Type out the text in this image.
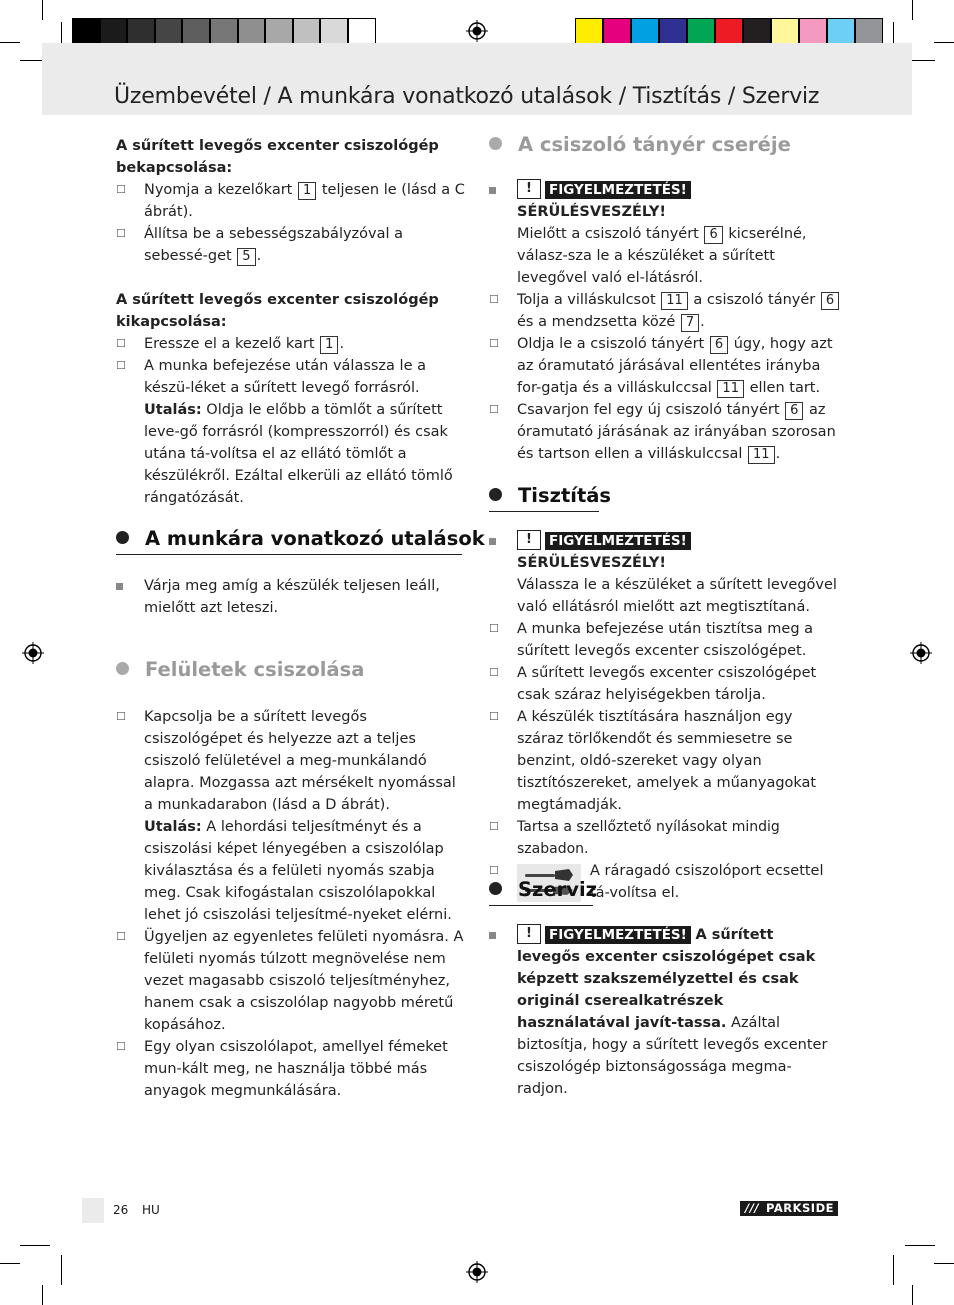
Üzembevétel / A munkára vonatkozó utalások / Tisztítás / Szerviz

A sűrített levegős excenter csiszológép bekapcsolása:

☐ Nyomja a kezelőkart 1 teljesen le (lásd a C ábrát).
☐ Állítsa be a sebességszabályzóval a sebessé-get 5 .

A sűrített levegős excenter csiszológép kikapcsolása:

☐ Eressze el a kezelő kart 1 .
☐ A munka befejezése után válassza le a készü-léket a sűrített levegő forrásról.
Utalás: Oldja le előbb a tömlőt a sűrített leve-gő forrásról (kompresszorról) és csak utána tá-volítsa el az ellátó tömlőt a készülékről. Ezáltal elkerüli az ellátó tömlő rángatózását.
A munkára vonatkozó utalások
Várja meg amíg a készülék teljesen leáll, mielőtt azt leteszi.
Felületek csiszolása
☐ Kapcsolja be a sűrített levegős csiszológépet és helyezze azt a teljes csiszoló felületével a meg-munkálandó alapra. Mozgassa azt mérsékelt nyomással a munkadarabon (lásd a D ábrát).
Utalás: A lehordási teljesítményt és a csiszolási képet lényegében a csiszolólap kiválasztása és a felületi nyomás szabja meg. Csak kifogástalan csiszolólapokkal lehet jó csiszolási teljesítmé-nyeket elérni.
☐ Ügyeljen az egyenletes felületi nyomásra. A felületi nyomás túlzott megnövelése nem vezet magasabb csiszoló teljesítményhez, hanem csak a csiszolólap nagyobb méretű kopásához.
☐ Egy olyan csiszolólapot, amellyel fémeket mun-kált meg, ne használja többé más anyagok megmunkálására.
A csiszoló tányér cseréje
! FIGYELMEZTETÉS! SÉRÜLÉSVESZÉLY!
Mielőtt a csiszoló tányért 6 kicserélné, válasz-sza le a készüléket a sűrített levegővel való el-látásról.
☐ Tolja a villáskulcsot 11 a csiszoló tányér 6 és a mendzsetta közé 7 .
☐ Oldja le a csiszoló tányért 6 úgy, hogy azt az óramutató járásával ellentétes irányba for-gatja és a villáskulccsal 11 ellen tart.
☐ Csavarjon fel egy új csiszoló tányért 6 az óramutató járásának az irányában szorosan és tartson ellen a villáskulccsal 11 .
Tisztítás
! FIGYELMEZTETÉS! SÉRÜLÉSVESZÉLY!
Válassza le a készüléket a sűrített levegővel való ellátásról mielőtt azt megtisztítaná.
☐ A munka befejezése után tisztítsa meg a sűrített levegős excenter csiszológépet.
☐ A sűrített levegős excenter csiszológépet csak száraz helyiségekben tárolja.
☐ A készülék tisztítására használjon egy száraz törlőkendőt és semmiesetre se benzint, oldó-szereket vagy olyan tisztítószereket, amelyek a műanyagokat megtámadják.
☐ Tartsa a szellőztető nyílásokat mindig szabadon.
☐	A ráragadó csiszolóport ecsettel tá-volítsa el.
Szerviz
! FIGYELMEZTETÉS! A sűrített levegős excenter csiszológépet csak képzett szakszemélyzettel és csak originál cserealkatrészek használatával javít-tassa. Azáltal biztosítja, hogy a sűrített levegős excenter csiszológép biztonságossága megma-radjon.
26 HU	/// PARKSIDE
